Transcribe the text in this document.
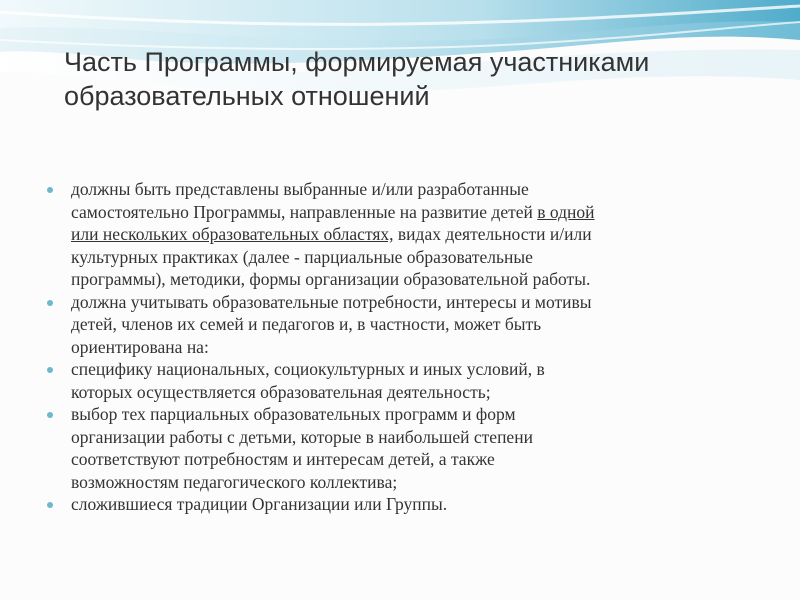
Часть Программы, формируемая участниками
образовательных отношений
должны быть представлены выбранные и/или разработанные
самостоятельно Программы, направленные на развитие детей в одной
или нескольких образовательных областях, видах деятельности и/или
культурных практиках (далее - парциальные образовательные
программы), методики, формы организации образовательной работы.
должна учитывать образовательные потребности, интересы и мотивы
детей, членов их семей и педагогов и, в частности, может быть
ориентирована на:
специфику национальных, социокультурных и иных условий, в
которых осуществляется образовательная деятельность;
выбор тех парциальных образовательных программ и форм
организации работы с детьми, которые в наибольшей степени
соответствуют потребностям и интересам детей, а также
возможностям педагогического коллектива;
сложившиеся традиции Организации или Группы.
